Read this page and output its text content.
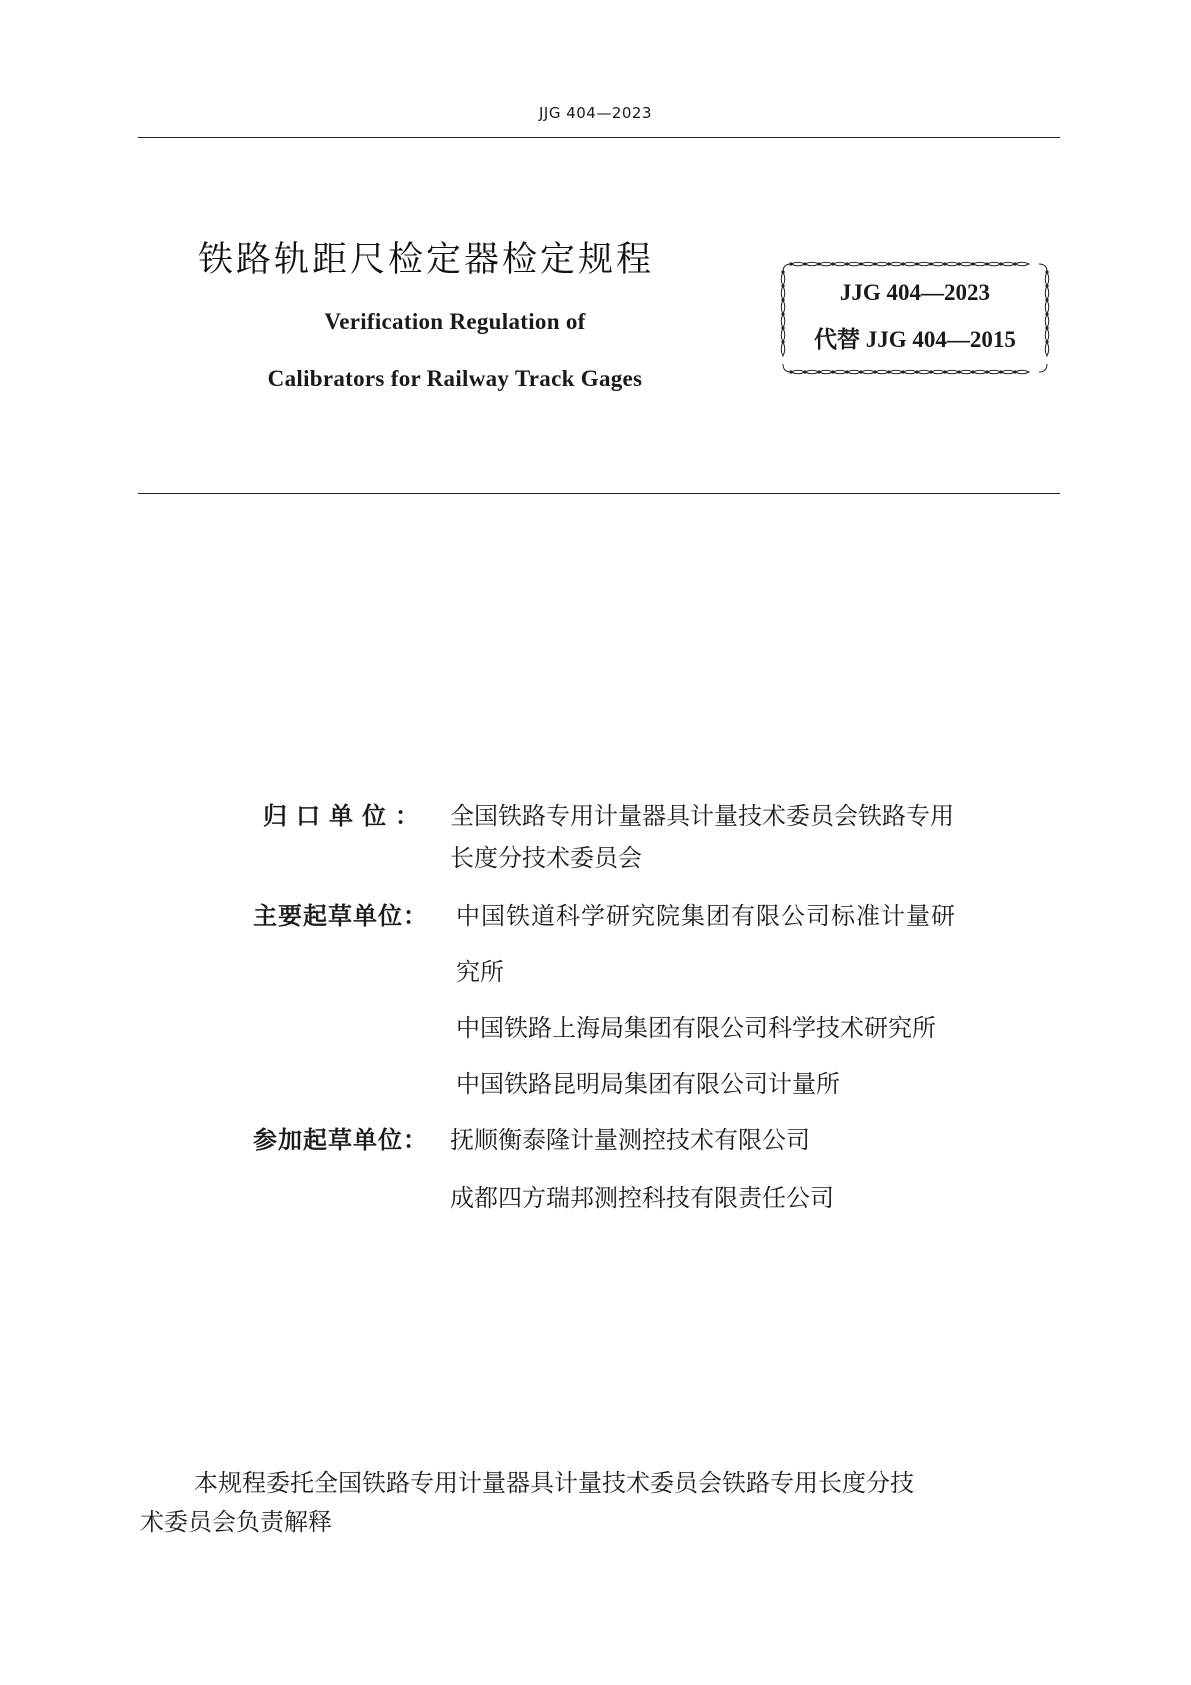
JJG 404—2023
铁路轨距尺检定器检定规程
Verification Regulation of
Calibrators for Railway Track Gages
JJG 404—2023
代替 JJG 404—2015
归口单位： 全国铁路专用计量器具计量技术委员会铁路专用
长度分技术委员会
主要起草单位： 中国铁道科学研究院集团有限公司标准计量研
究所
中国铁路上海局集团有限公司科学技术研究所
中国铁路昆明局集团有限公司计量所
参加起草单位： 抚顺衡泰隆计量测控技术有限公司
成都四方瑞邦测控科技有限责任公司
本规程委托全国铁路专用计量器具计量技术委员会铁路专用长度分技
术委员会负责解释
